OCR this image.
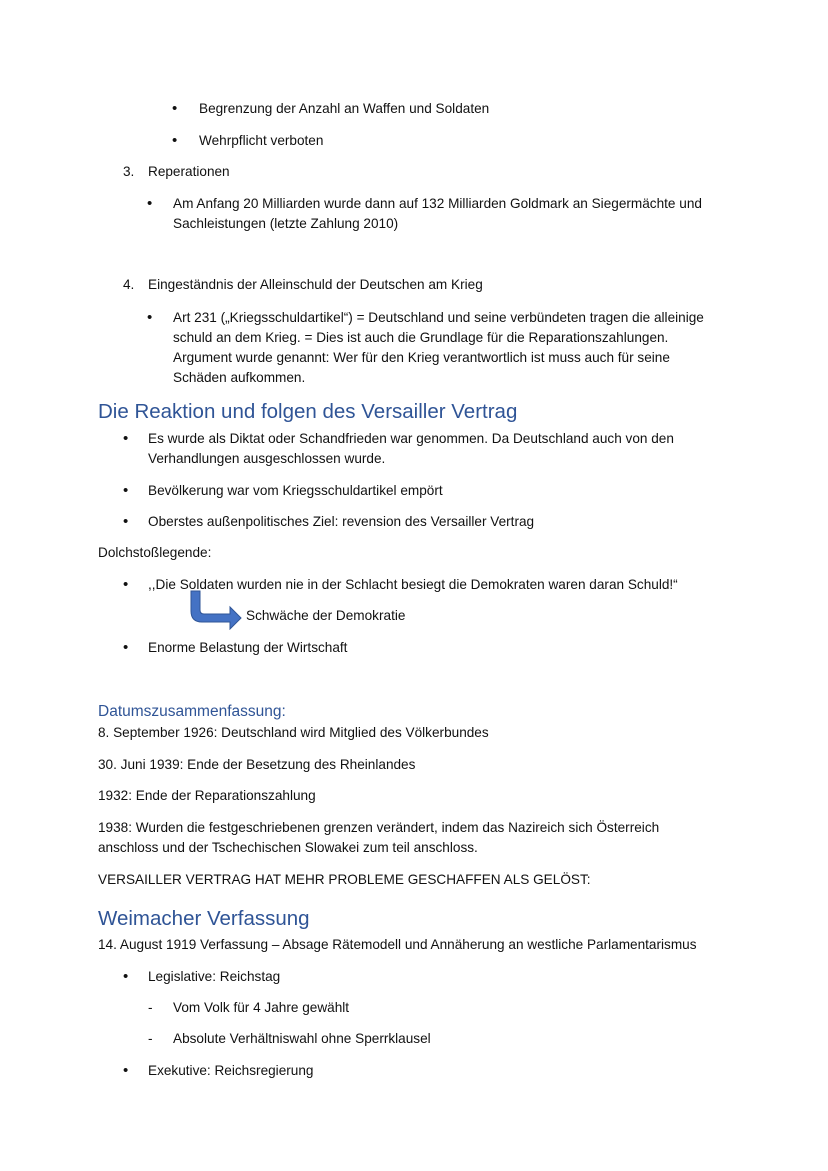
• Begrenzung der Anzahl an Waffen und Soldaten
• Wehrpflicht verboten
3. Reperationen
• Am Anfang 20 Milliarden wurde dann auf 132 Milliarden Goldmark an Siegermächte und
Sachleistungen (letzte Zahlung 2010)
4. Eingeständnis der Alleinschuld der Deutschen am Krieg
• Art 231 („Kriegsschuldartikel“) = Deutschland und seine verbündeten tragen die alleinige
schuld an dem Krieg. = Dies ist auch die Grundlage für die Reparationszahlungen.
Argument wurde genannt: Wer für den Krieg verantwortlich ist muss auch für seine
Schäden aufkommen.
Die Reaktion und folgen des Versailler Vertrag
• Es wurde als Diktat oder Schandfrieden war genommen. Da Deutschland auch von den
Verhandlungen ausgeschlossen wurde.
• Bevölkerung war vom Kriegsschuldartikel empört
• Oberstes außenpolitisches Ziel: revension des Versailler Vertrag
Dolchstoßlegende:
• ,,Die Soldaten wurden nie in der Schlacht besiegt die Demokraten waren daran Schuld!“
Schwäche der Demokratie
• Enorme Belastung der Wirtschaft
Datumszusammenfassung:
8. September 1926: Deutschland wird Mitglied des Völkerbundes
30. Juni 1939: Ende der Besetzung des Rheinlandes
1932: Ende der Reparationszahlung
1938: Wurden die festgeschriebenen grenzen verändert, indem das Nazireich sich Österreich
anschloss und der Tschechischen Slowakei zum teil anschloss.
VERSAILLER VERTRAG HAT MEHR PROBLEME GESCHAFFEN ALS GELÖST:
Weimacher Verfassung
14. August 1919 Verfassung – Absage Rätemodell und Annäherung an westliche Parlamentarismus
• Legislative: Reichstag
- Vom Volk für 4 Jahre gewählt
- Absolute Verhältniswahl ohne Sperrklausel
• Exekutive: Reichsregierung
